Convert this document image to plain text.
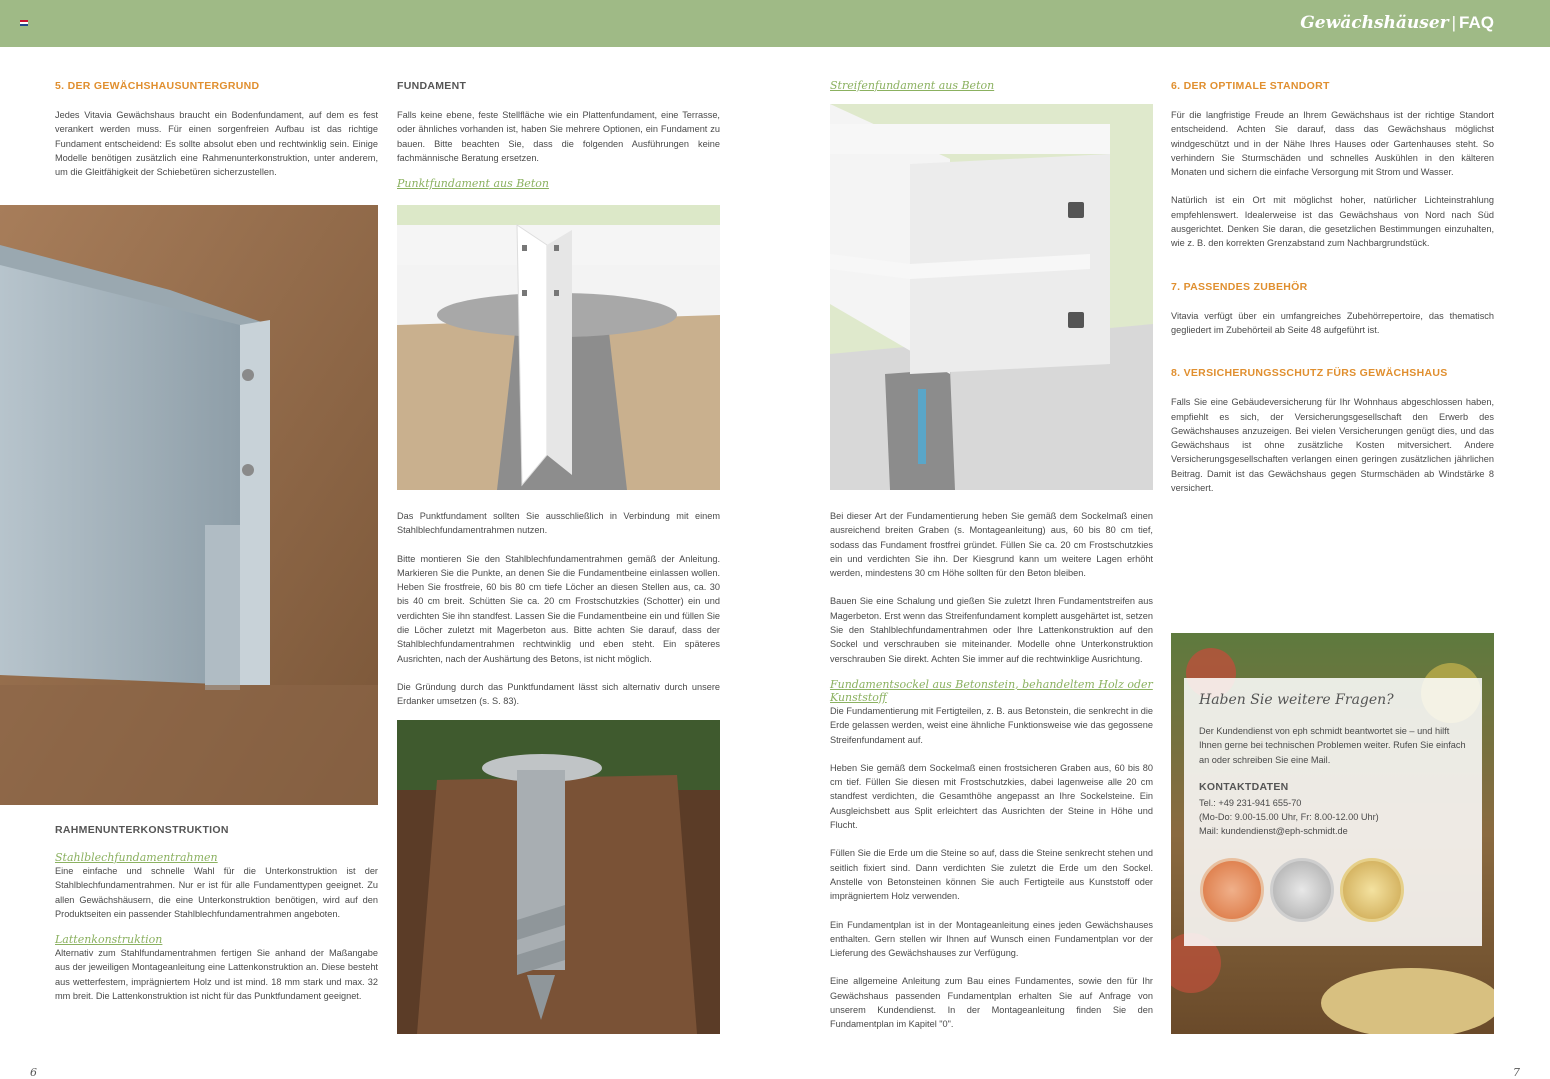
Gewächshäuser | FAQ
5. DER GEWÄCHSHAUSUNTERGRUND

Jedes Vitavia Gewächshaus braucht ein Bodenfundament, auf dem es fest verankert werden muss. Für einen sorgenfreien Aufbau ist das richtige Fundament entscheidend: Es sollte absolut eben und rechtwinklig sein. Einige Modelle benötigen zusätzlich eine Rahmenunterkonstruktion, unter anderem, um die Gleitfähigkeit der Schiebetüren sicherzustellen.

RAHMENUNTERKONSTRUKTION

Stahlblechfundamentrahmen

Eine einfache und schnelle Wahl für die Unterkonstruktion ist der Stahlblechfundamentrahmen. Nur er ist für alle Fundamenttypen geeignet. Zu allen Gewächshäusern, die eine Unterkonstruktion benötigen, wird auf den Produktseiten ein passender Stahlblechfundamentrahmen angeboten.

Lattenkonstruktion

Alternativ zum Stahlfundamentrahmen fertigen Sie anhand der Maßangabe aus der jeweiligen Montageanleitung eine Lattenkonstruktion an. Diese besteht aus wetterfestem, imprägniertem Holz und ist mind. 18 mm stark und max. 32 mm breit. Die Lattenkonstruktion ist nicht für das Punktfundament geeignet.

FUNDAMENT

Falls keine ebene, feste Stellfläche wie ein Plattenfundament, eine Terrasse, oder ähnliches vorhanden ist, haben Sie mehrere Optionen, ein Fundament zu bauen. Bitte beachten Sie, dass die folgenden Ausführungen keine fachmännische Beratung ersetzen.

Punktfundament aus Beton

Das Punktfundament sollten Sie ausschließlich in Verbindung mit einem Stahlblechfundamentrahmen nutzen.

Bitte montieren Sie den Stahlblechfundamentrahmen gemäß der Anleitung. Markieren Sie die Punkte, an denen Sie die Fundamentbeine einlassen wollen. Heben Sie frostfreie, 60 bis 80 cm tiefe Löcher an diesen Stellen aus, ca. 30 bis 40 cm breit. Schütten Sie ca. 20 cm Frostschutzkies (Schotter) ein und verdichten Sie ihn standfest. Lassen Sie die Fundamentbeine ein und füllen Sie die Löcher zuletzt mit Magerbeton aus. Bitte achten Sie darauf, dass der Stahlblechfundamentrahmen rechtwinklig und eben steht. Ein späteres Ausrichten, nach der Aushärtung des Betons, ist nicht möglich.

Die Gründung durch das Punktfundament lässt sich alternativ durch unsere Erdanker umsetzen (s. S. 83).

Streifenfundament aus Beton

Bei dieser Art der Fundamentierung heben Sie gemäß dem Sockelmaß einen ausreichend breiten Graben (s. Montageanleitung) aus, 60 bis 80 cm tief, sodass das Fundament frostfrei gründet. Füllen Sie ca. 20 cm Frostschutzkies ein und verdichten Sie ihn. Der Kiesgrund kann um weitere Lagen erhöht werden, mindestens 30 cm Höhe sollten für den Beton bleiben.

Bauen Sie eine Schalung und gießen Sie zuletzt Ihren Fundamentstreifen aus Magerbeton. Erst wenn das Streifenfundament komplett ausgehärtet ist, setzen Sie den Stahlblechfundamentrahmen oder Ihre Lattenkonstruktion auf den Sockel und verschrauben sie miteinander. Modelle ohne Unterkonstruktion verschrauben Sie direkt. Achten Sie immer auf die rechtwinklige Ausrichtung.

Fundamentsockel aus Betonstein, behandeltem Holz oder Kunststoff

Die Fundamentierung mit Fertigteilen, z. B. aus Betonstein, die senkrecht in die Erde gelassen werden, weist eine ähnliche Funktionsweise wie das gegossene Streifenfundament auf.

Heben Sie gemäß dem Sockelmaß einen frostsicheren Graben aus, 60 bis 80 cm tief. Füllen Sie diesen mit Frostschutzkies, dabei lagenweise alle 20 cm standfest verdichten, die Gesamthöhe angepasst an Ihre Sockelsteine. Ein Ausgleichsbett aus Split erleichtert das Ausrichten der Steine in Höhe und Flucht.

Füllen Sie die Erde um die Steine so auf, dass die Steine senkrecht stehen und seitlich fixiert sind. Dann verdichten Sie zuletzt die Erde um den Sockel. Anstelle von Betonsteinen können Sie auch Fertigteile aus Kunststoff oder imprägniertem Holz verwenden.

Ein Fundamentplan ist in der Montageanleitung eines jeden Gewächshauses enthalten. Gern stellen wir Ihnen auf Wunsch einen Fundamentplan vor der Lieferung des Gewächshauses zur Verfügung.

Eine allgemeine Anleitung zum Bau eines Fundamentes, sowie den für Ihr Gewächshaus passenden Fundamentplan erhalten Sie auf Anfrage von unserem Kundendienst. In der Montageanleitung finden Sie den Fundamentplan im Kapitel "0".

6. DER OPTIMALE STANDORT

Für die langfristige Freude an Ihrem Gewächshaus ist der richtige Standort entscheidend. Achten Sie darauf, dass das Gewächshaus möglichst windgeschützt und in der Nähe Ihres Hauses oder Gartenhauses steht. So verhindern Sie Sturmschäden und schnelles Auskühlen in den kälteren Monaten und sichern die einfache Versorgung mit Strom und Wasser.

Natürlich ist ein Ort mit möglichst hoher, natürlicher Lichteinstrahlung empfehlenswert. Idealerweise ist das Gewächshaus von Nord nach Süd ausgerichtet. Denken Sie daran, die gesetzlichen Bestimmungen einzuhalten, wie z. B. den korrekten Grenzabstand zum Nachbargrundstück.

7. PASSENDES ZUBEHÖR

Vitavia verfügt über ein umfangreiches Zubehörrepertoire, das thematisch gegliedert im Zubehörteil ab Seite 48 aufgeführt ist.

8. VERSICHERUNGSSCHUTZ FÜRS GEWÄCHSHAUS

Falls Sie eine Gebäudeversicherung für Ihr Wohnhaus abgeschlossen haben, empfiehlt es sich, der Versicherungsgesellschaft den Erwerb des Gewächshauses anzuzeigen. Bei vielen Versicherungen genügt dies, und das Gewächshaus ist ohne zusätzliche Kosten mitversichert. Andere Versicherungsgesellschaften verlangen einen geringen zusätzlichen jährlichen Beitrag. Damit ist das Gewächshaus gegen Sturmschäden ab Windstärke 8 versichert.

Haben Sie weitere Fragen?
Der Kundendienst von eph schmidt beantwortet sie – und hilft Ihnen gerne bei technischen Problemen weiter. Rufen Sie einfach an oder schreiben Sie eine Mail.
KONTAKTDATEN
Tel.: +49 231-941 655-70
(Mo-Do: 9.00-15.00 Uhr, Fr: 8.00-12.00 Uhr)
Mail: kundendienst@eph-schmidt.de
6	7
